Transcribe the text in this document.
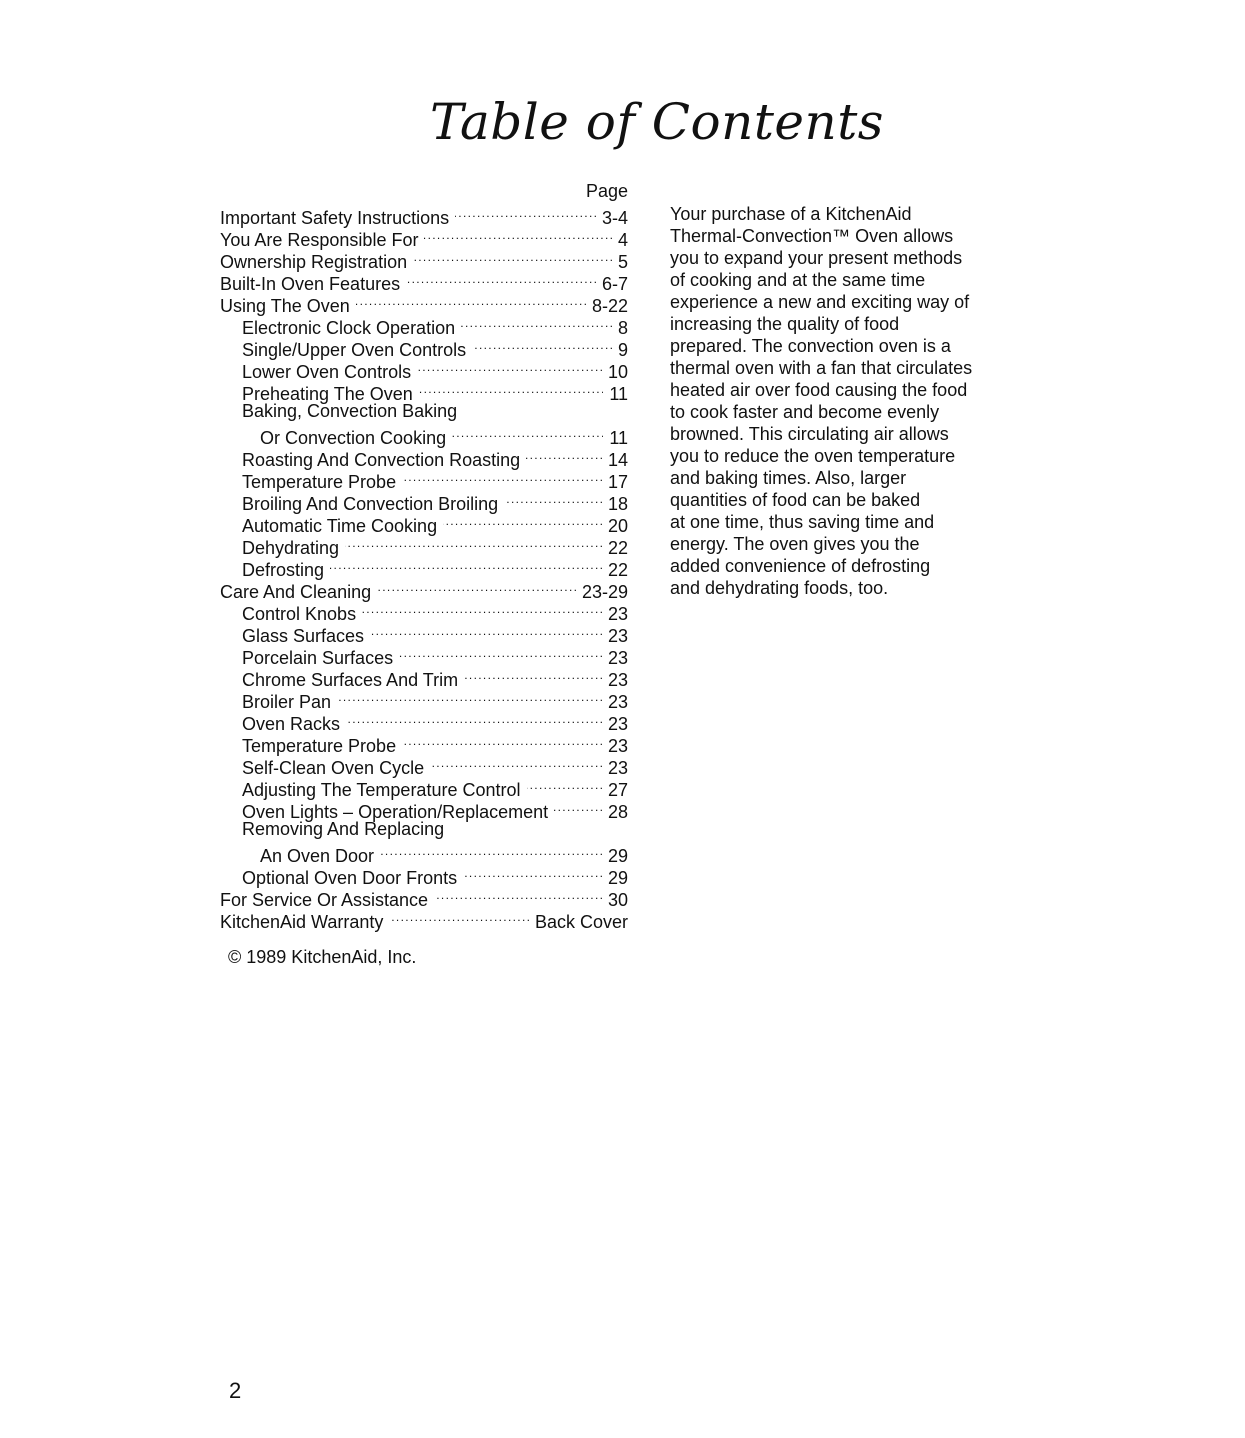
Table of Contents
Page
Important Safety Instructions . . .	3-4
You Are Responsible For . . .	4
Ownership Registration . . .	5
Built-In Oven Features . . .	6-7
Using The Oven . . .	8-22
Electronic Clock Operation . . .	8
Single/Upper Oven Controls . . .	9
Lower Oven Controls . . .	10
Preheating The Oven . . .	11
Baking, Convection Baking
Or Convection Cooking . . .	11
Roasting And Convection Roasting . . .	14
Temperature Probe . . .	17
Broiling And Convection Broiling . . .	18
Automatic Time Cooking . . .	20
Dehydrating . . .	22
Defrosting . . .	22
Care And Cleaning . . .	23-29
Control Knobs . . .	23
Glass Surfaces . . .	23
Porcelain Surfaces . . .	23
Chrome Surfaces And Trim . . .	23
Broiler Pan . . .	23
Oven Racks . . .	23
Temperature Probe . . .	23
Self-Clean Oven Cycle . . .	23
Adjusting The Temperature Control . . .	27
Oven Lights – Operation/Replacement . . .	28
Removing And Replacing
An Oven Door . . .	29
Optional Oven Door Fronts . . .	29
For Service Or Assistance . . .	30
KitchenAid Warranty . . .	Back Cover

Your purchase of a KitchenAid
Thermal-Convection™ Oven allows
you to expand your present methods
of cooking and at the same time
experience a new and exciting way of
increasing the quality of food
prepared. The convection oven is a
thermal oven with a fan that circulates
heated air over food causing the food
to cook faster and become evenly
browned. This circulating air allows
you to reduce the oven temperature
and baking times. Also, larger
quantities of food can be baked
at one time, thus saving time and
energy. The oven gives you the
added convenience of defrosting
and dehydrating foods, too.

© 1989 KitchenAid, Inc.

2
